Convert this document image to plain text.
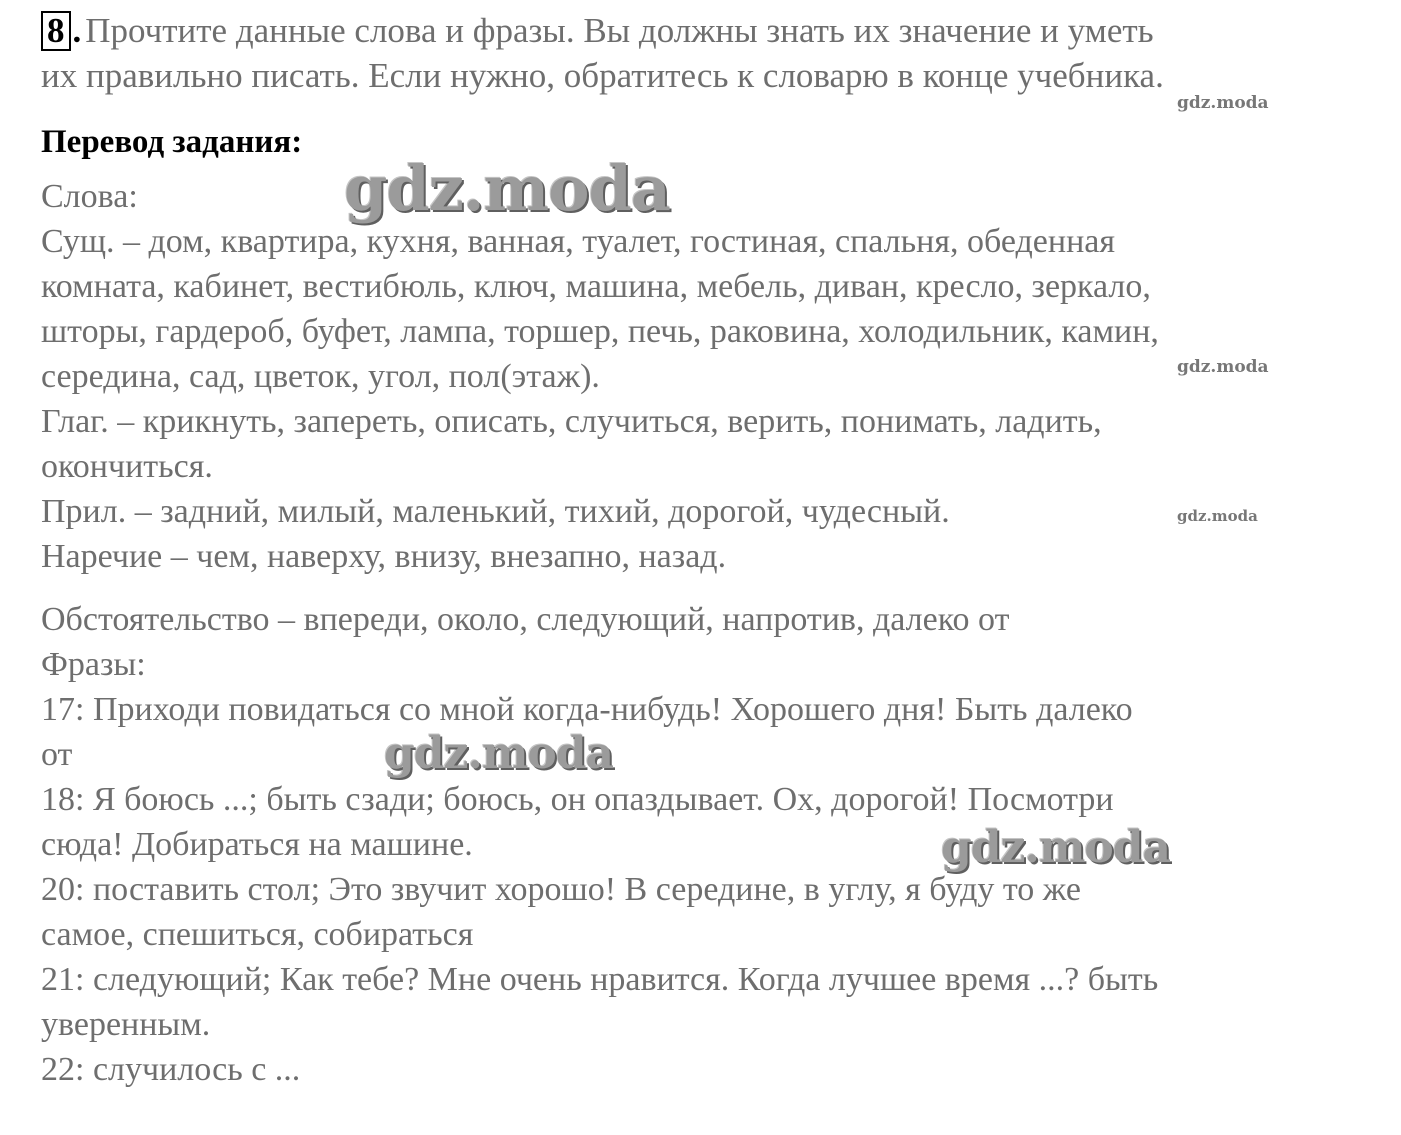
8 . Прочтите данные слова и фразы. Вы должны знать их значение и уметь
их правильно писать. Если нужно, обратитесь к словарю в конце учебника.
Перевод задания:
Слова:
Сущ. – дом, квартира, кухня, ванная, туалет, гостиная, спальня, обеденная
комната, кабинет, вестибюль, ключ, машина, мебель, диван, кресло, зеркало,
шторы, гардероб, буфет, лампа, торшер, печь, раковина, холодильник, камин,
середина, сад, цветок, угол, пол(этаж).
Глаг. – крикнуть, запереть, описать, случиться, верить, понимать, ладить,
окончиться.
Прил. – задний, милый, маленький, тихий, дорогой, чудесный.
Наречие – чем, наверху, внизу, внезапно, назад.
Обстоятельство – впереди, около, следующий, напротив, далеко от
Фразы:
17: Приходи повидаться со мной когда-нибудь! Хорошего дня! Быть далеко
от
18: Я боюсь ...; быть сзади; боюсь, он опаздывает. Ох, дорогой! Посмотри
сюда! Добираться на машине.
20: поставить стол; Это звучит хорошо! В середине, в углу, я буду то же
самое, спешиться, собираться
21: следующий; Как тебе? Мне очень нравится. Когда лучшее время ...? быть
уверенным.
22: случилось с ...
gdz.moda
gdz.moda
gdz.moda
gdz.moda
gdz.moda
gdz.moda
